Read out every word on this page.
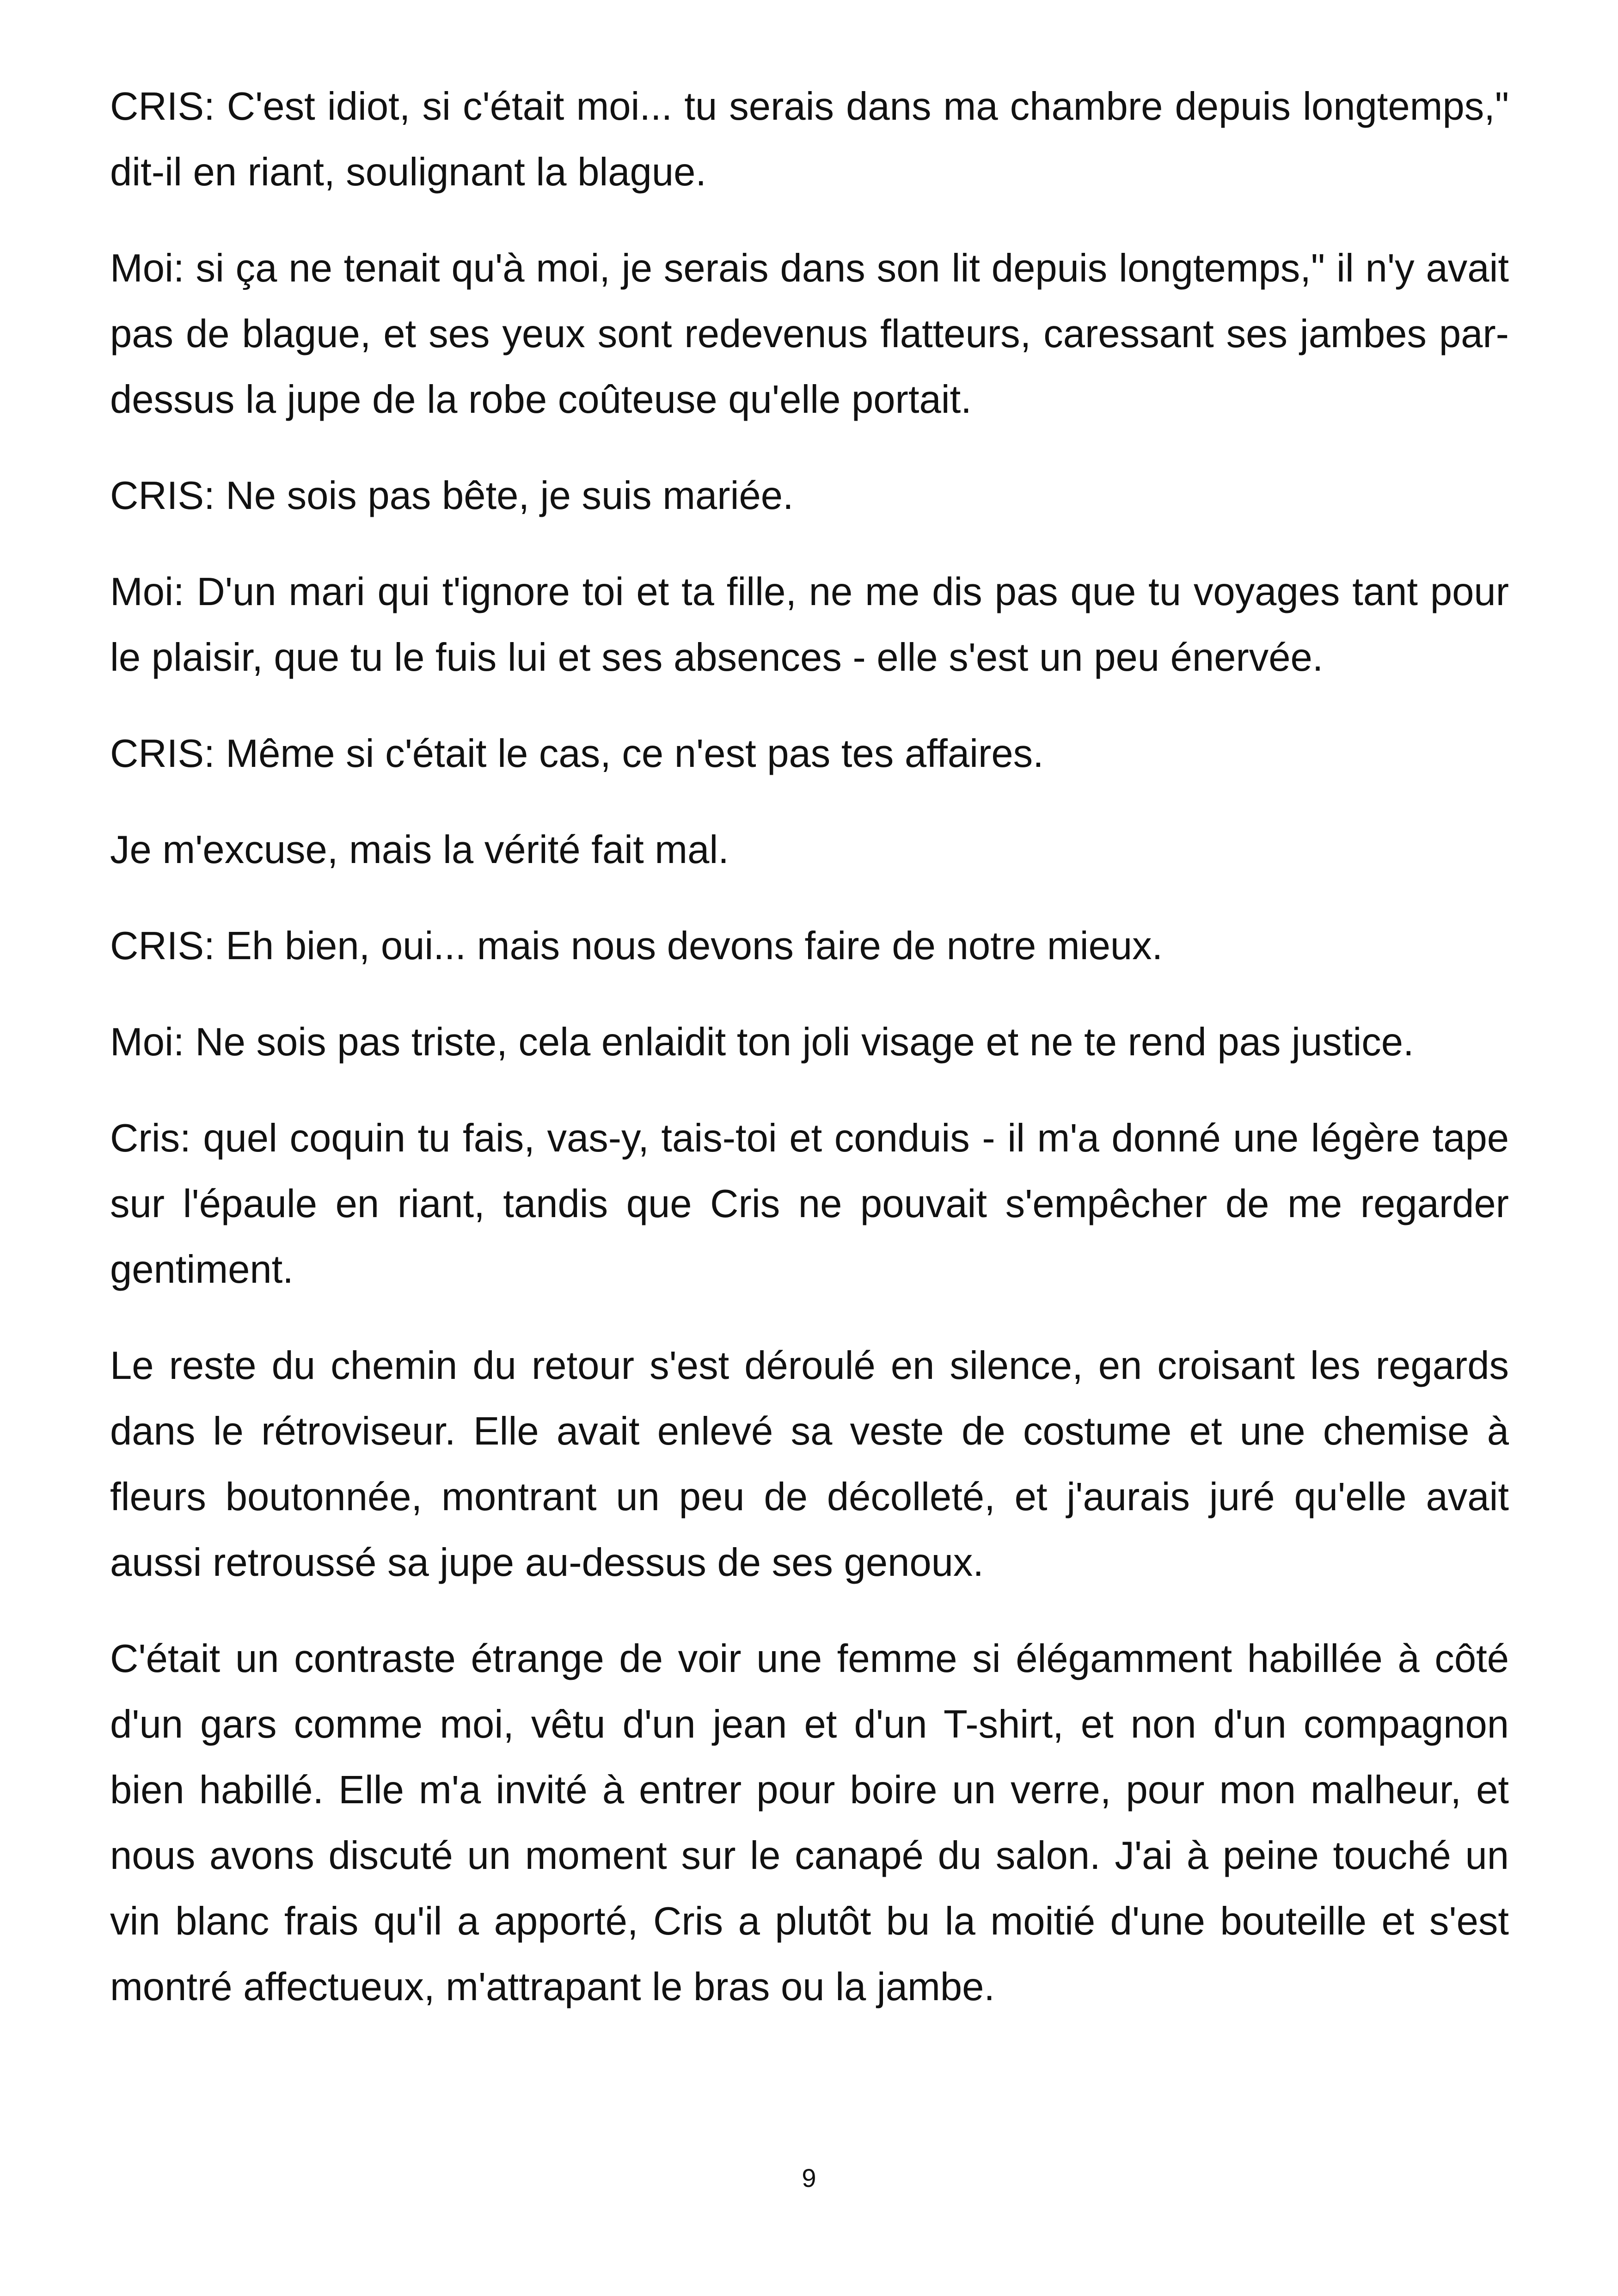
CRIS: C'est idiot, si c'était moi... tu serais dans ma chambre depuis longtemps," dit-il en riant, soulignant la blague.

Moi: si ça ne tenait qu'à moi, je serais dans son lit depuis longtemps," il n'y avait pas de blague, et ses yeux sont redevenus flatteurs, caressant ses jambes par-dessus la jupe de la robe coûteuse qu'elle portait.

CRIS: Ne sois pas bête, je suis mariée.

Moi: D'un mari qui t'ignore toi et ta fille, ne me dis pas que tu voyages tant pour le plaisir, que tu le fuis lui et ses absences - elle s'est un peu énervée.

CRIS: Même si c'était le cas, ce n'est pas tes affaires.

Je m'excuse, mais la vérité fait mal.

CRIS: Eh bien, oui... mais nous devons faire de notre mieux.

Moi: Ne sois pas triste, cela enlaidit ton joli visage et ne te rend pas justice.

Cris: quel coquin tu fais, vas-y, tais-toi et conduis - il m'a donné une légère tape sur l'épaule en riant, tandis que Cris ne pouvait s'empêcher de me regarder gentiment.

Le reste du chemin du retour s'est déroulé en silence, en croisant les regards dans le rétroviseur. Elle avait enlevé sa veste de costume et une chemise à fleurs boutonnée, montrant un peu de décolleté, et j'aurais juré qu'elle avait aussi retroussé sa jupe au-dessus de ses genoux.

C'était un contraste étrange de voir une femme si élégamment habillée à côté d'un gars comme moi, vêtu d'un jean et d'un T-shirt, et non d'un compagnon bien habillé. Elle m'a invité à entrer pour boire un verre, pour mon malheur, et nous avons discuté un moment sur le canapé du salon. J'ai à peine touché un vin blanc frais qu'il a apporté, Cris a plutôt bu la moitié d'une bouteille et s'est montré affectueux, m'attrapant le bras ou la jambe.

9
